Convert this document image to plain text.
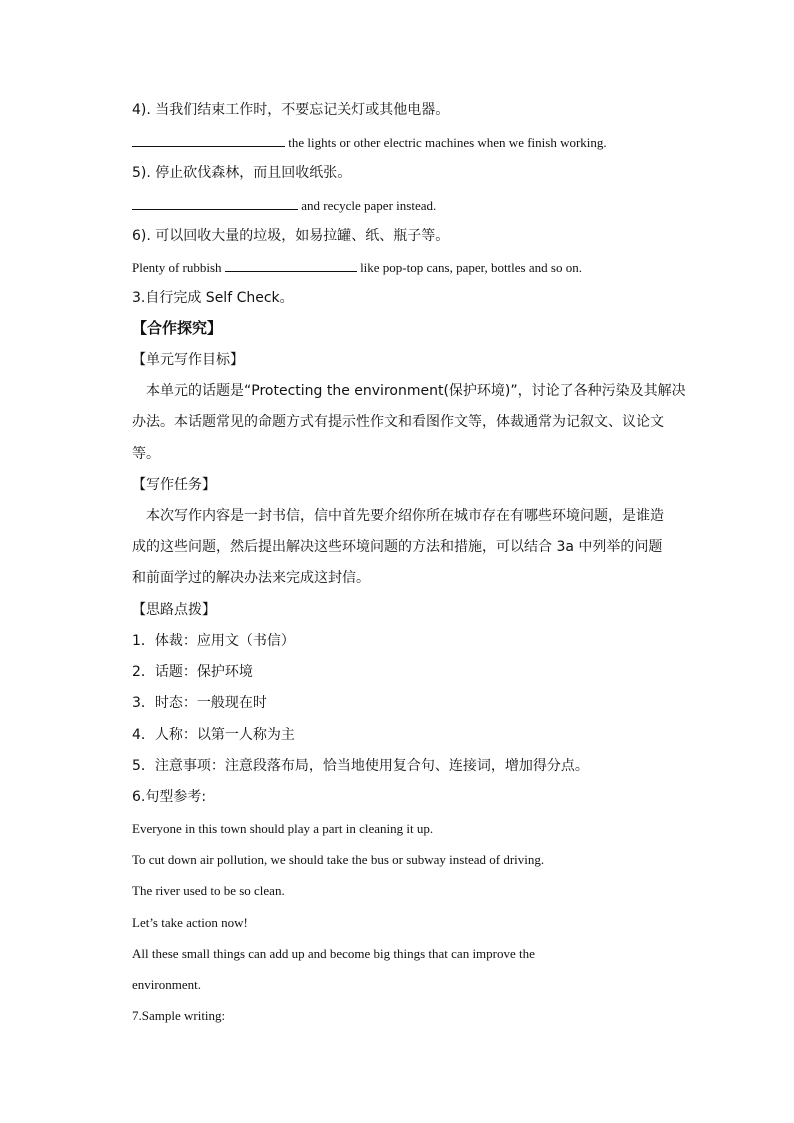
4). 当我们结束工作时，不要忘记关灯或其他电器。
the lights or other electric machines when we finish working.
5). 停止砍伐森林，而且回收纸张。
and recycle paper instead.
6). 可以回收大量的垃圾，如易拉罐、纸、瓶子等。
Plenty of rubbish	like pop-top cans, paper, bottles and so on.
3.自行完成 Self Check。
【合作探究】
【单元写作目标】
本单元的话题是“Protecting the environment(保护环境)”，讨论了各种污染及其解决
办法。本话题常见的命题方式有提示性作文和看图作文等，体裁通常为记叙文、议论文
等。
【写作任务】
本次写作内容是一封书信，信中首先要介绍你所在城市存在有哪些环境问题，是谁造
成的这些问题，然后提出解决这些环境问题的方法和措施，可以结合 3a 中列举的问题
和前面学过的解决办法来完成这封信。
【思路点拨】
1．体裁：应用文（书信）
2．话题：保护环境
3．时态：一般现在时
4．人称：以第一人称为主
5．注意事项：注意段落布局，恰当地使用复合句、连接词，增加得分点。
6.句型参考:
Everyone in this town should play a part in cleaning it up.
To cut down air pollution, we should take the bus or subway instead of driving.
The river used to be so clean.
Let’s take action now!
All these small things can add up and become big things that can improve the
environment.
7.Sample writing:
